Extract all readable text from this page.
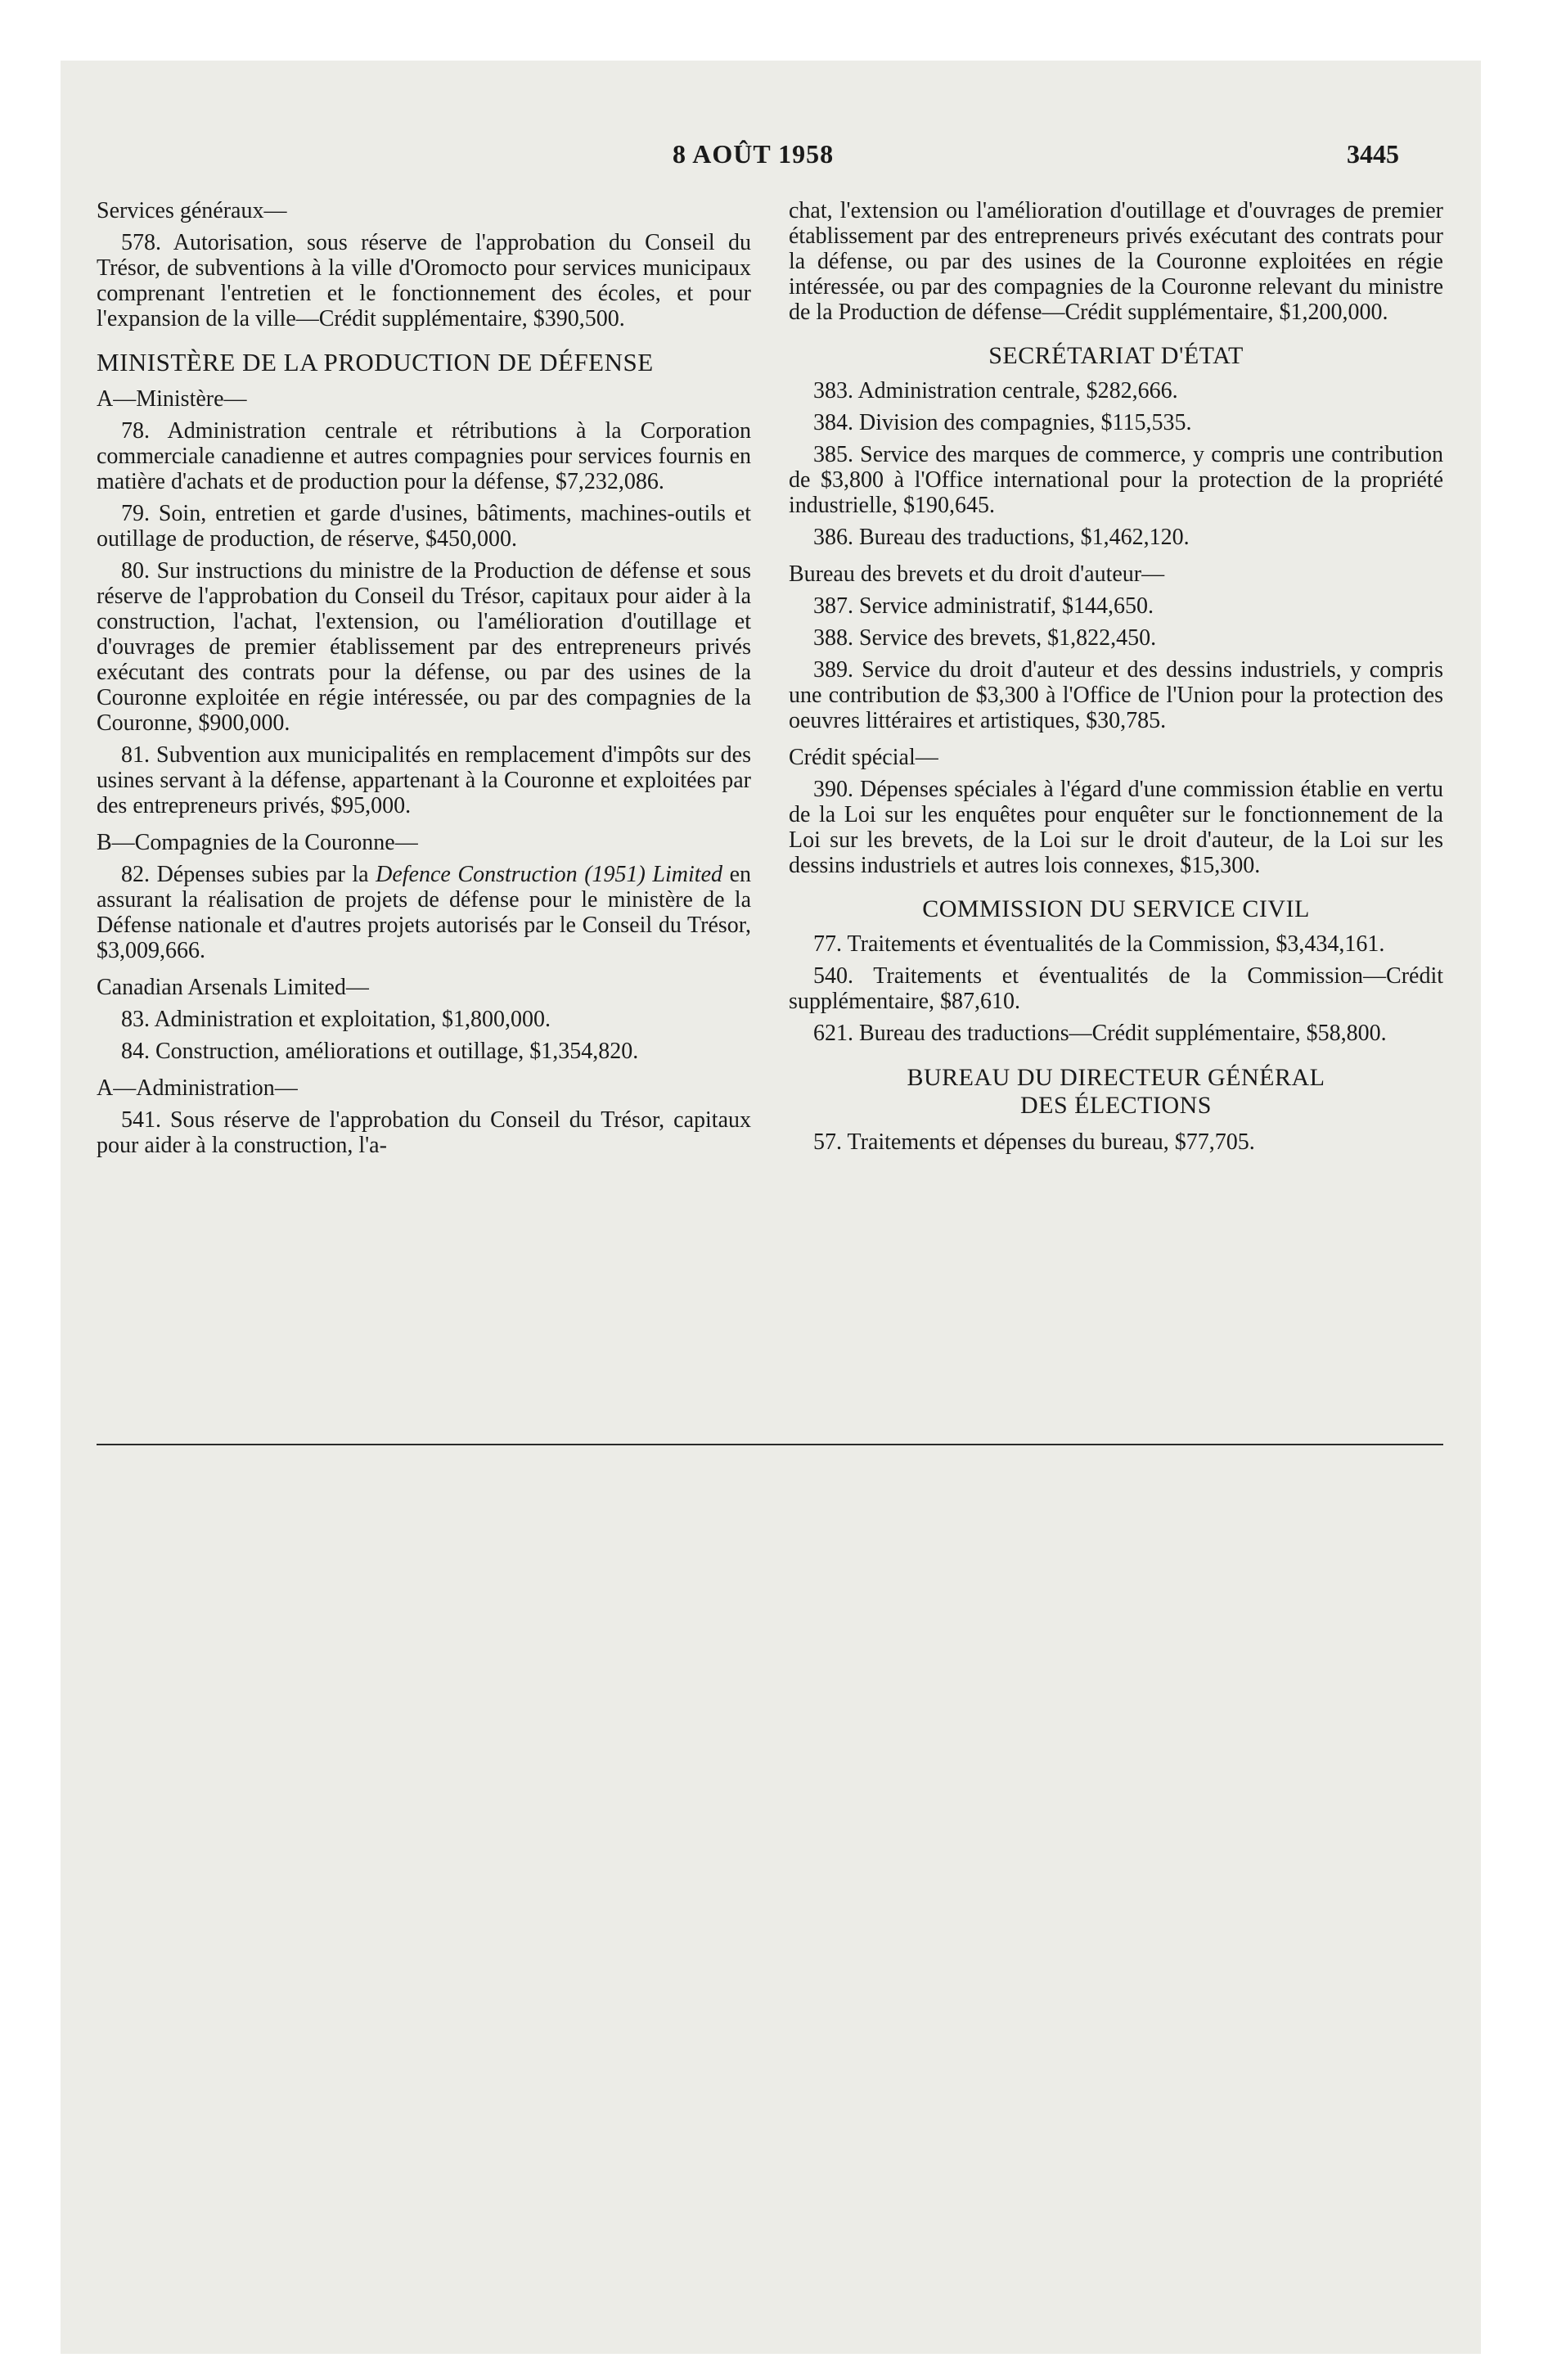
8 AOÛT 1958	3445

Services généraux—

578. Autorisation, sous réserve de l'approbation du Conseil du Trésor, de subventions à la ville d'Oromocto pour services municipaux comprenant l'entretien et le fonctionnement des écoles, et pour l'expansion de la ville—Crédit supplémentaire, $390,500.

MINISTÈRE DE LA PRODUCTION DE DÉFENSE

A—Ministère—

78. Administration centrale et rétributions à la Corporation commerciale canadienne et autres compagnies pour services fournis en matière d'achats et de production pour la défense, $7,232,086.

79. Soin, entretien et garde d'usines, bâtiments, machines-outils et outillage de production, de réserve, $450,000.

80. Sur instructions du ministre de la Production de défense et sous réserve de l'approbation du Conseil du Trésor, capitaux pour aider à la construction, l'achat, l'extension, ou l'amélioration d'outillage et d'ouvrages de premier établissement par des entrepreneurs privés exécutant des contrats pour la défense, ou par des usines de la Couronne exploitée en régie intéressée, ou par des compagnies de la Couronne, $900,000.

81. Subvention aux municipalités en remplacement d'impôts sur des usines servant à la défense, appartenant à la Couronne et exploitées par des entrepreneurs privés, $95,000.

B—Compagnies de la Couronne—

82. Dépenses subies par la Defence Construction (1951) Limited en assurant la réalisation de projets de défense pour le ministère de la Défense nationale et d'autres projets autorisés par le Conseil du Trésor, $3,009,666.

Canadian Arsenals Limited—

83. Administration et exploitation, $1,800,000.

84. Construction, améliorations et outillage, $1,354,820.

A—Administration—

541. Sous réserve de l'approbation du Conseil du Trésor, capitaux pour aider à la construction, l'a-

chat, l'extension ou l'amélioration d'outillage et d'ouvrages de premier établissement par des entrepreneurs privés exécutant des contrats pour la défense, ou par des usines de la Couronne exploitées en régie intéressée, ou par des compagnies de la Couronne relevant du ministre de la Production de défense—Crédit supplémentaire, $1,200,000.

SECRÉTARIAT D'ÉTAT

383. Administration centrale, $282,666.

384. Division des compagnies, $115,535.

385. Service des marques de commerce, y compris une contribution de $3,800 à l'Office international pour la protection de la propriété industrielle, $190,645.

386. Bureau des traductions, $1,462,120.

Bureau des brevets et du droit d'auteur—

387. Service administratif, $144,650.

388. Service des brevets, $1,822,450.

389. Service du droit d'auteur et des dessins industriels, y compris une contribution de $3,300 à l'Office de l'Union pour la protection des oeuvres littéraires et artistiques, $30,785.

Crédit spécial—

390. Dépenses spéciales à l'égard d'une commission établie en vertu de la Loi sur les enquêtes pour enquêter sur le fonctionnement de la Loi sur les brevets, de la Loi sur le droit d'auteur, de la Loi sur les dessins industriels et autres lois connexes, $15,300.

COMMISSION DU SERVICE CIVIL

77. Traitements et éventualités de la Commission, $3,434,161.

540. Traitements et éventualités de la Commission—Crédit supplémentaire, $87,610.

621. Bureau des traductions—Crédit supplémentaire, $58,800.

BUREAU DU DIRECTEUR GÉNÉRAL
DES ÉLECTIONS

57. Traitements et dépenses du bureau, $77,705.
